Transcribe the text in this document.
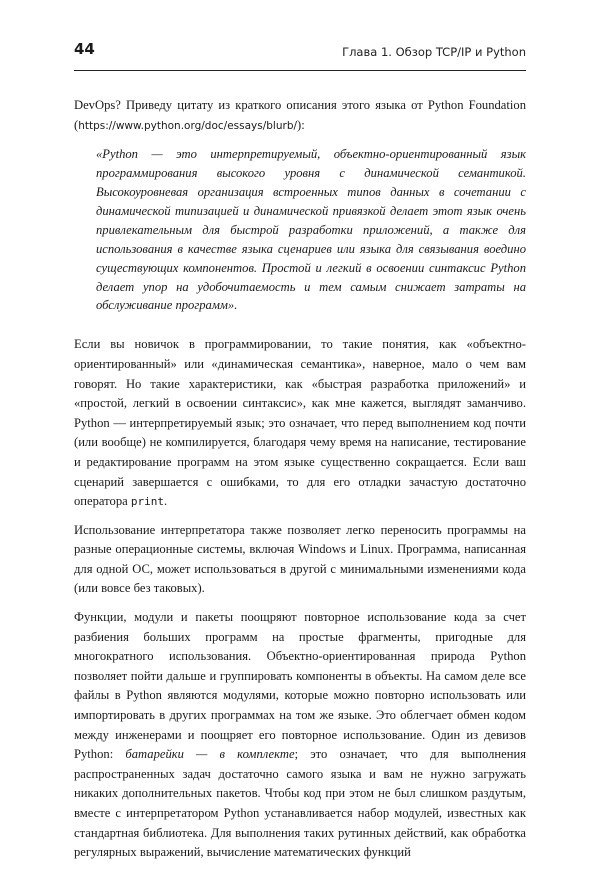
44	Глава 1. Обзор TCP/IP и Python

DevOps? Приведу цитату из краткого описания этого языка от Python Foundation (https://www.python.org/doc/essays/blurb/):

«Python — это интерпретируемый, объектно-ориентированный язык программирования высокого уровня с динамической семантикой. Высокоуровневая организация встроенных типов данных в сочетании с динамической типизацией и динамической привязкой делает этот язык очень привлекательным для быстрой разработки приложений, а также для использования в качестве языка сценариев или языка для связывания воедино существующих компонентов. Простой и легкий в освоении синтаксис Python делает упор на удобочитаемость и тем самым снижает затраты на обслуживание программ».

Если вы новичок в программировании, то такие понятия, как «объектно-ориентированный» или «динамическая семантика», наверное, мало о чем вам говорят. Но такие характеристики, как «быстрая разработка приложений» и «простой, легкий в освоении синтаксис», как мне кажется, выглядят заманчиво. Python — интерпретируемый язык; это означает, что перед выполнением код почти (или вообще) не компилируется, благодаря чему время на написание, тестирование и редактирование программ на этом языке существенно сокращается. Если ваш сценарий завершается с ошибками, то для его отладки зачастую достаточно оператора print.

Использование интерпретатора также позволяет легко переносить программы на разные операционные системы, включая Windows и Linux. Программа, написанная для одной ОС, может использоваться в другой с минимальными изменениями кода (или вовсе без таковых).

Функции, модули и пакеты поощряют повторное использование кода за счет разбиения больших программ на простые фрагменты, пригодные для многократного использования. Объектно-ориентированная природа Python позволяет пойти дальше и группировать компоненты в объекты. На самом деле все файлы в Python являются модулями, которые можно повторно использовать или импортировать в других программах на том же языке. Это облегчает обмен кодом между инженерами и поощряет его повторное использование. Один из девизов Python: батарейки — в комплекте; это означает, что для выполнения распространенных задач достаточно самого языка и вам не нужно загружать никаких дополнительных пакетов. Чтобы код при этом не был слишком раздутым, вместе с интерпретатором Python устанавливается набор модулей, известных как стандартная библиотека. Для выполнения таких рутинных действий, как обработка регулярных выражений, вычисление математических функций
